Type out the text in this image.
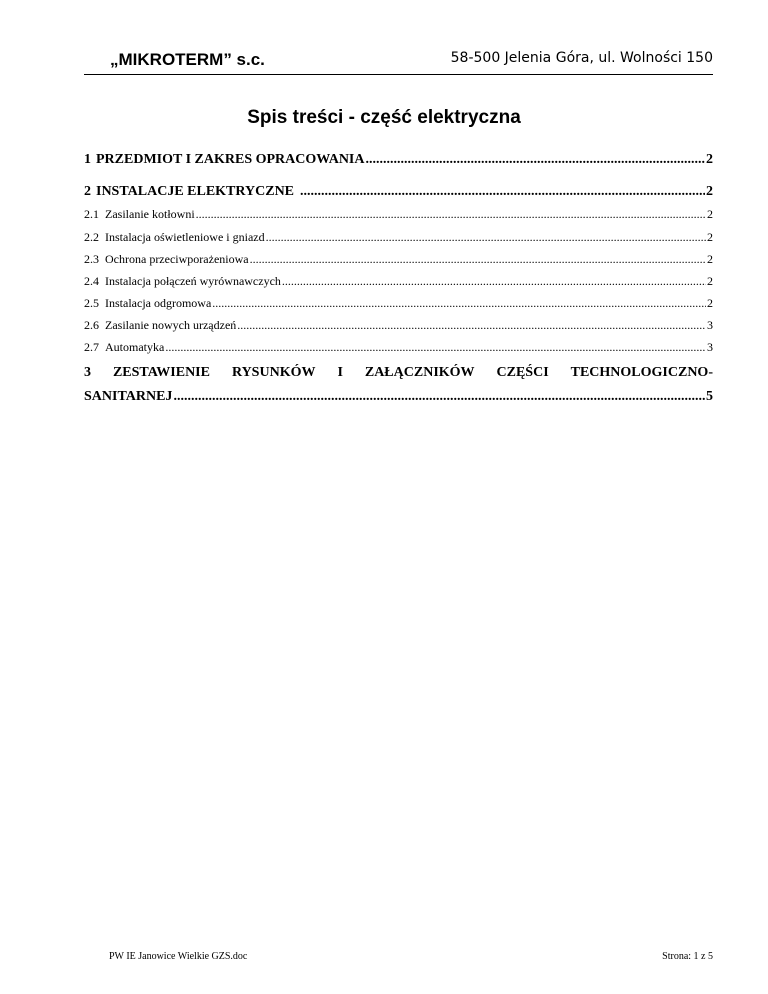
„MIKROTERM” s.c.	58-500 Jelenia Góra, ul. Wolności 150
Spis treści - część elektryczna
1 PRZEDMIOT I ZAKRES OPRACOWANIA .....	2
2 INSTALACJE ELEKTRYCZNE .....	2
2.1 Zasilanie kotłowni .....	2
2.2 Instalacja oświetleniowe i gniazd .....	2
2.3 Ochrona przeciwporażeniowa .....	2
2.4 Instalacja połączeń wyrównawczych .....	2
2.5 Instalacja odgromowa .....	2
2.6 Zasilanie nowych urządzeń .....	3
2.7 Automatyka .....	3
3 ZESTAWIENIE RYSUNKÓW I ZAŁĄCZNIKÓW CZĘŚCI TECHNOLOGICZNO-
SANITARNEJ .....	5
PW IE Janowice Wielkie GZS.doc	Strona: 1 z 5
